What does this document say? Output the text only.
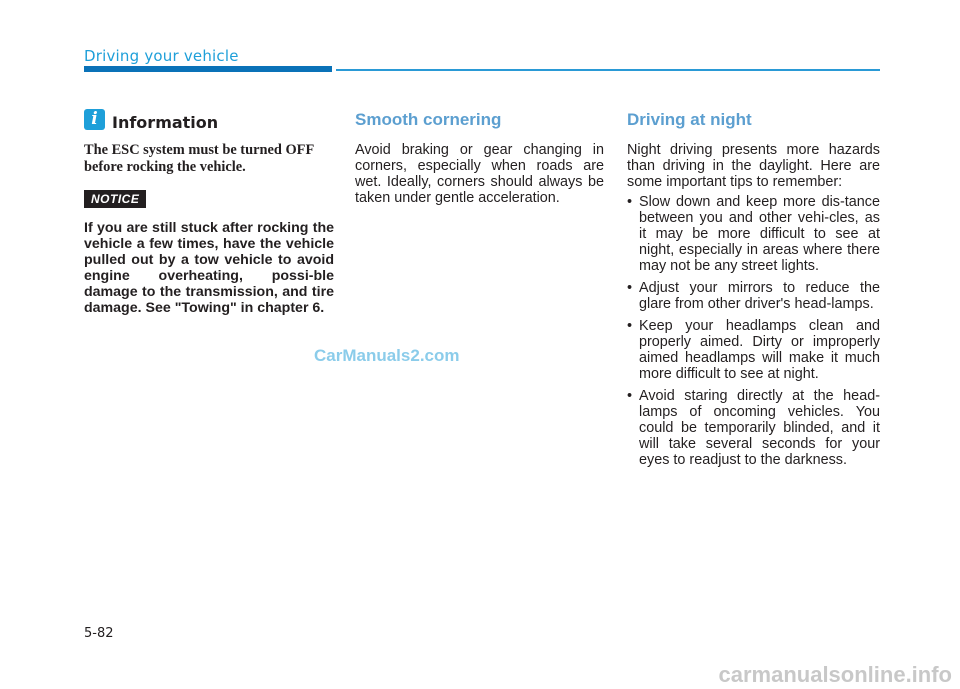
Driving your vehicle
i Information

The ESC system must be turned OFF before rocking the vehicle.

NOTICE

If you are still stuck after rocking the vehicle a few times, have the vehicle pulled out by a tow vehicle to avoid engine overheating, possi-ble damage to the transmission, and tire damage. See "Towing" in chapter 6.

Smooth cornering

Avoid braking or gear changing in corners, especially when roads are wet. Ideally, corners should always be taken under gentle acceleration.

Driving at night

Night driving presents more hazards than driving in the daylight. Here are some important tips to remember:

• Slow down and keep more dis-tance between you and other vehi-cles, as it may be more difficult to see at night, especially in areas where there may not be any street lights.
• Adjust your mirrors to reduce the glare from other driver's head-lamps.
• Keep your headlamps clean and properly aimed. Dirty or improperly aimed headlamps will make it much more difficult to see at night.
• Avoid staring directly at the head-lamps of oncoming vehicles. You could be temporarily blinded, and it will take several seconds for your eyes to readjust to the darkness.
CarManuals2.com
5-82
carmanualsonline.info
